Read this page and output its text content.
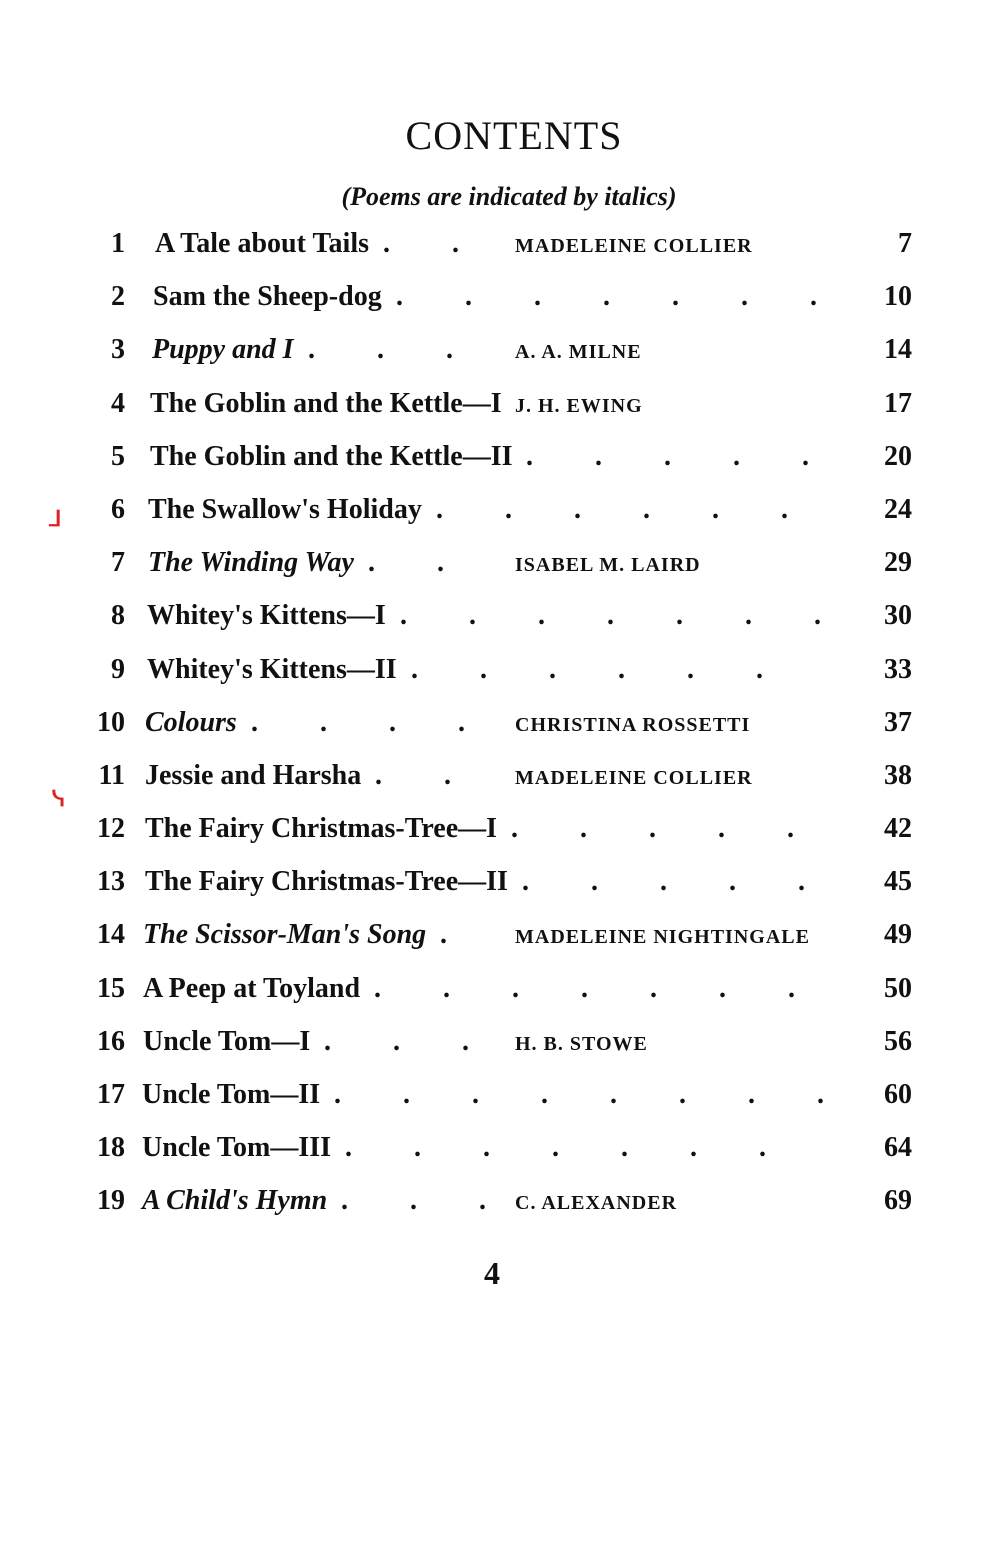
CONTENTS
(Poems are indicated by italics)
1 A Tale about Tails	MADELEINE COLLIER	7
. .
2 Sam the Sheep-dog	10
. . . . . . .
3 Puppy and I	A. A. MILNE	14
. . .
4 The Goblin and the Kettle—I J. H. EWING	17
5 The Goblin and the Kettle—II	20
. . . . .
6 The Swallow's Holiday	24
. . . . . .
7 The Winding Way	ISABEL M. LAIRD	29
. .
8 Whitey's Kittens—I	30
. . . . . . .
9 Whitey's Kittens—II	33
. . . . . .
10 Colours	CHRISTINA ROSSETTI	37
. . . .
11 Jessie and Harsha	MADELEINE COLLIER	38
. .
12 The Fairy Christmas-Tree—I	42
. . . . .
13 The Fairy Christmas-Tree—II	45
. . . . .
14 The Scissor-Man's Song	MADELEINE NIGHTINGALE	49
.
15 A Peep at Toyland	50
. . . . . . .
16 Uncle Tom—I	H. B. STOWE	56
. . .
17 Uncle Tom—II	60
. . . . . . . .
18 Uncle Tom—III	64
. . . . . . .
19 A Child's Hymn	C. ALEXANDER	69
. . .
4
ᒧ
ᓭ
